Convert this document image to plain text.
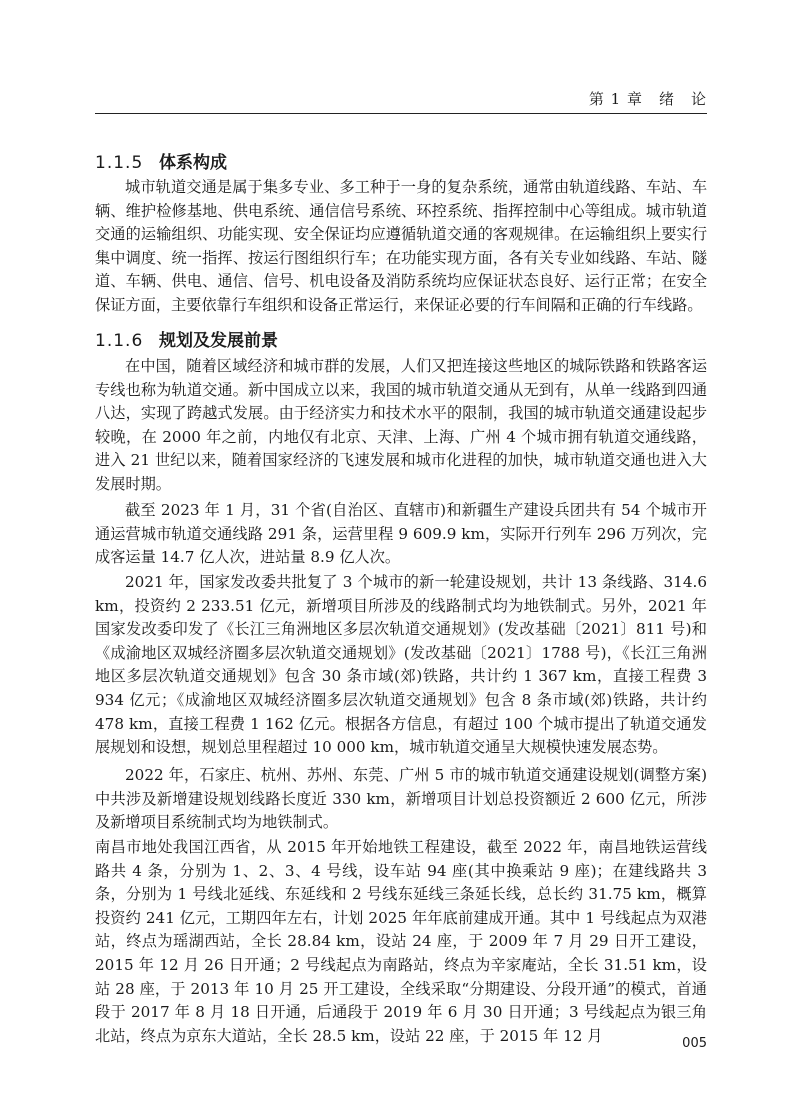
第 1 章　绪　论
1.1.5 体系构成

城市轨道交通是属于集多专业、多工种于一身的复杂系统，通常由轨道线路、车站、车辆、维护检修基地、供电系统、通信信号系统、环控系统、指挥控制中心等组成。城市轨道交通的运输组织、功能实现、安全保证均应遵循轨道交通的客观规律。在运输组织上要实行集中调度、统一指挥、按运行图组织行车；在功能实现方面，各有关专业如线路、车站、隧道、车辆、供电、通信、信号、机电设备及消防系统均应保证状态良好、运行正常；在安全保证方面，主要依靠行车组织和设备正常运行，来保证必要的行车间隔和正确的行车线路。

1.1.6 规划及发展前景

在中国，随着区域经济和城市群的发展，人们又把连接这些地区的城际铁路和铁路客运专线也称为轨道交通。新中国成立以来，我国的城市轨道交通从无到有，从单一线路到四通八达，实现了跨越式发展。由于经济实力和技术水平的限制，我国的城市轨道交通建设起步较晚，在 2000 年之前，内地仅有北京、天津、上海、广州 4 个城市拥有轨道交通线路，进入 21 世纪以来，随着国家经济的飞速发展和城市化进程的加快，城市轨道交通也进入大发展时期。

截至 2023 年 1 月，31 个省(自治区、直辖市)和新疆生产建设兵团共有 54 个城市开通运营城市轨道交通线路 291 条，运营里程 9 609.9 km，实际开行列车 296 万列次，完成客运量 14.7 亿人次，进站量 8.9 亿人次。

2021 年，国家发改委共批复了 3 个城市的新一轮建设规划，共计 13 条线路、314.6 km，投资约 2 233.51 亿元，新增项目所涉及的线路制式均为地铁制式。另外，2021 年国家发改委印发了《长江三角洲地区多层次轨道交通规划》(发改基础〔2021〕811 号)和《成渝地区双城经济圈多层次轨道交通规划》(发改基础〔2021〕1788 号)，《长江三角洲地区多层次轨道交通规划》包含 30 条市域(郊)铁路，共计约 1 367 km，直接工程费 3 934 亿元；《成渝地区双城经济圈多层次轨道交通规划》包含 8 条市域(郊)铁路，共计约 478 km，直接工程费 1 162 亿元。根据各方信息，有超过 100 个城市提出了轨道交通发展规划和设想，规划总里程超过 10 000 km，城市轨道交通呈大规模快速发展态势。

2022 年，石家庄、杭州、苏州、东莞、广州 5 市的城市轨道交通建设规划(调整方案)中共涉及新增建设规划线路长度近 330 km，新增项目计划总投资额近 2 600 亿元，所涉及新增项目系统制式均为地铁制式。

南昌市地处我国江西省，从 2015 年开始地铁工程建设，截至 2022 年，南昌地铁运营线路共 4 条，分别为 1、2、3、4 号线，设车站 94 座(其中换乘站 9 座)；在建线路共 3 条，分别为 1 号线北延线、东延线和 2 号线东延线三条延长线，总长约 31.75 km，概算投资约 241 亿元，工期四年左右，计划 2025 年年底前建成开通。其中 1 号线起点为双港站，终点为瑶湖西站，全长 28.84 km，设站 24 座，于 2009 年 7 月 29 日开工建设，2015 年 12 月 26 日开通；2 号线起点为南路站，终点为辛家庵站，全长 31.51 km，设站 28 座，于 2013 年 10 月 25 开工建设，全线采取“分期建设、分段开通”的模式，首通段于 2017 年 8 月 18 日开通，后通段于 2019 年 6 月 30 日开通；3 号线起点为银三角北站，终点为京东大道站，全长 28.5 km，设站 22 座，于 2015 年 12 月	005
